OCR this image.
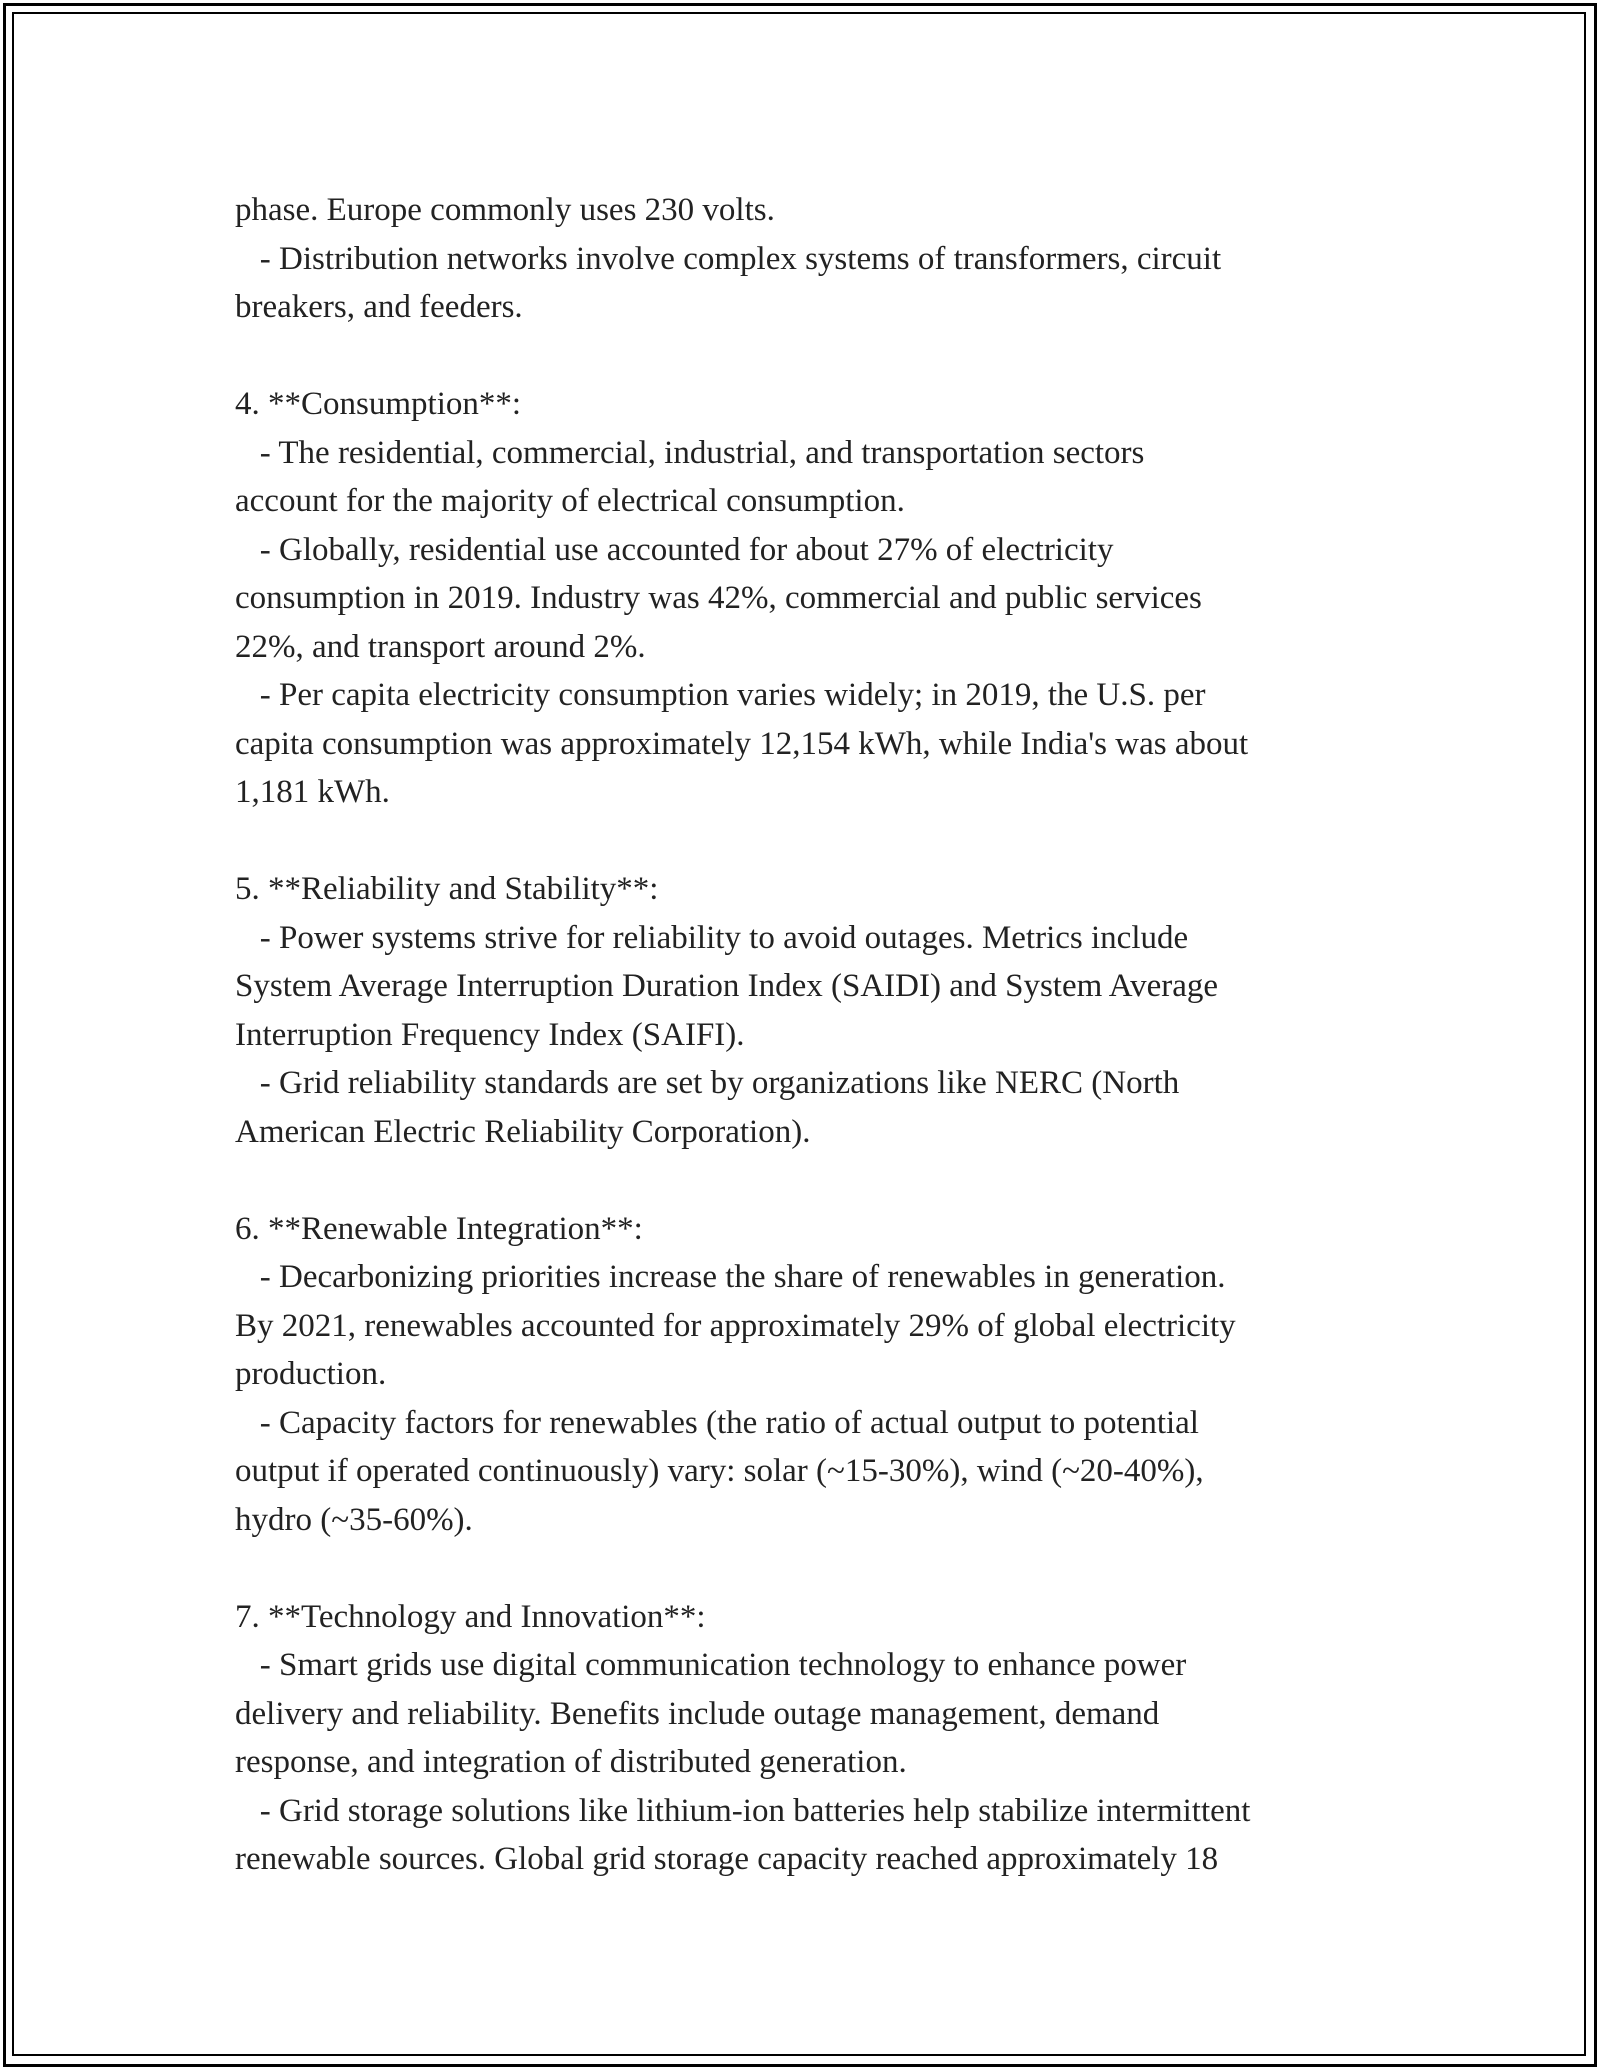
phase. Europe commonly uses 230 volts.
- Distribution networks involve complex systems of transformers, circuit
breakers, and feeders.
4. **Consumption**:
- The residential, commercial, industrial, and transportation sectors
account for the majority of electrical consumption.
- Globally, residential use accounted for about 27% of electricity
consumption in 2019. Industry was 42%, commercial and public services
22%, and transport around 2%.
- Per capita electricity consumption varies widely; in 2019, the U.S. per
capita consumption was approximately 12,154 kWh, while India's was about
1,181 kWh.
5. **Reliability and Stability**:
- Power systems strive for reliability to avoid outages. Metrics include
System Average Interruption Duration Index (SAIDI) and System Average
Interruption Frequency Index (SAIFI).
- Grid reliability standards are set by organizations like NERC (North
American Electric Reliability Corporation).
6. **Renewable Integration**:
- Decarbonizing priorities increase the share of renewables in generation.
By 2021, renewables accounted for approximately 29% of global electricity
production.
- Capacity factors for renewables (the ratio of actual output to potential
output if operated continuously) vary: solar (~15-30%), wind (~20-40%),
hydro (~35-60%).
7. **Technology and Innovation**:
- Smart grids use digital communication technology to enhance power
delivery and reliability. Benefits include outage management, demand
response, and integration of distributed generation.
- Grid storage solutions like lithium-ion batteries help stabilize intermittent
renewable sources. Global grid storage capacity reached approximately 18
